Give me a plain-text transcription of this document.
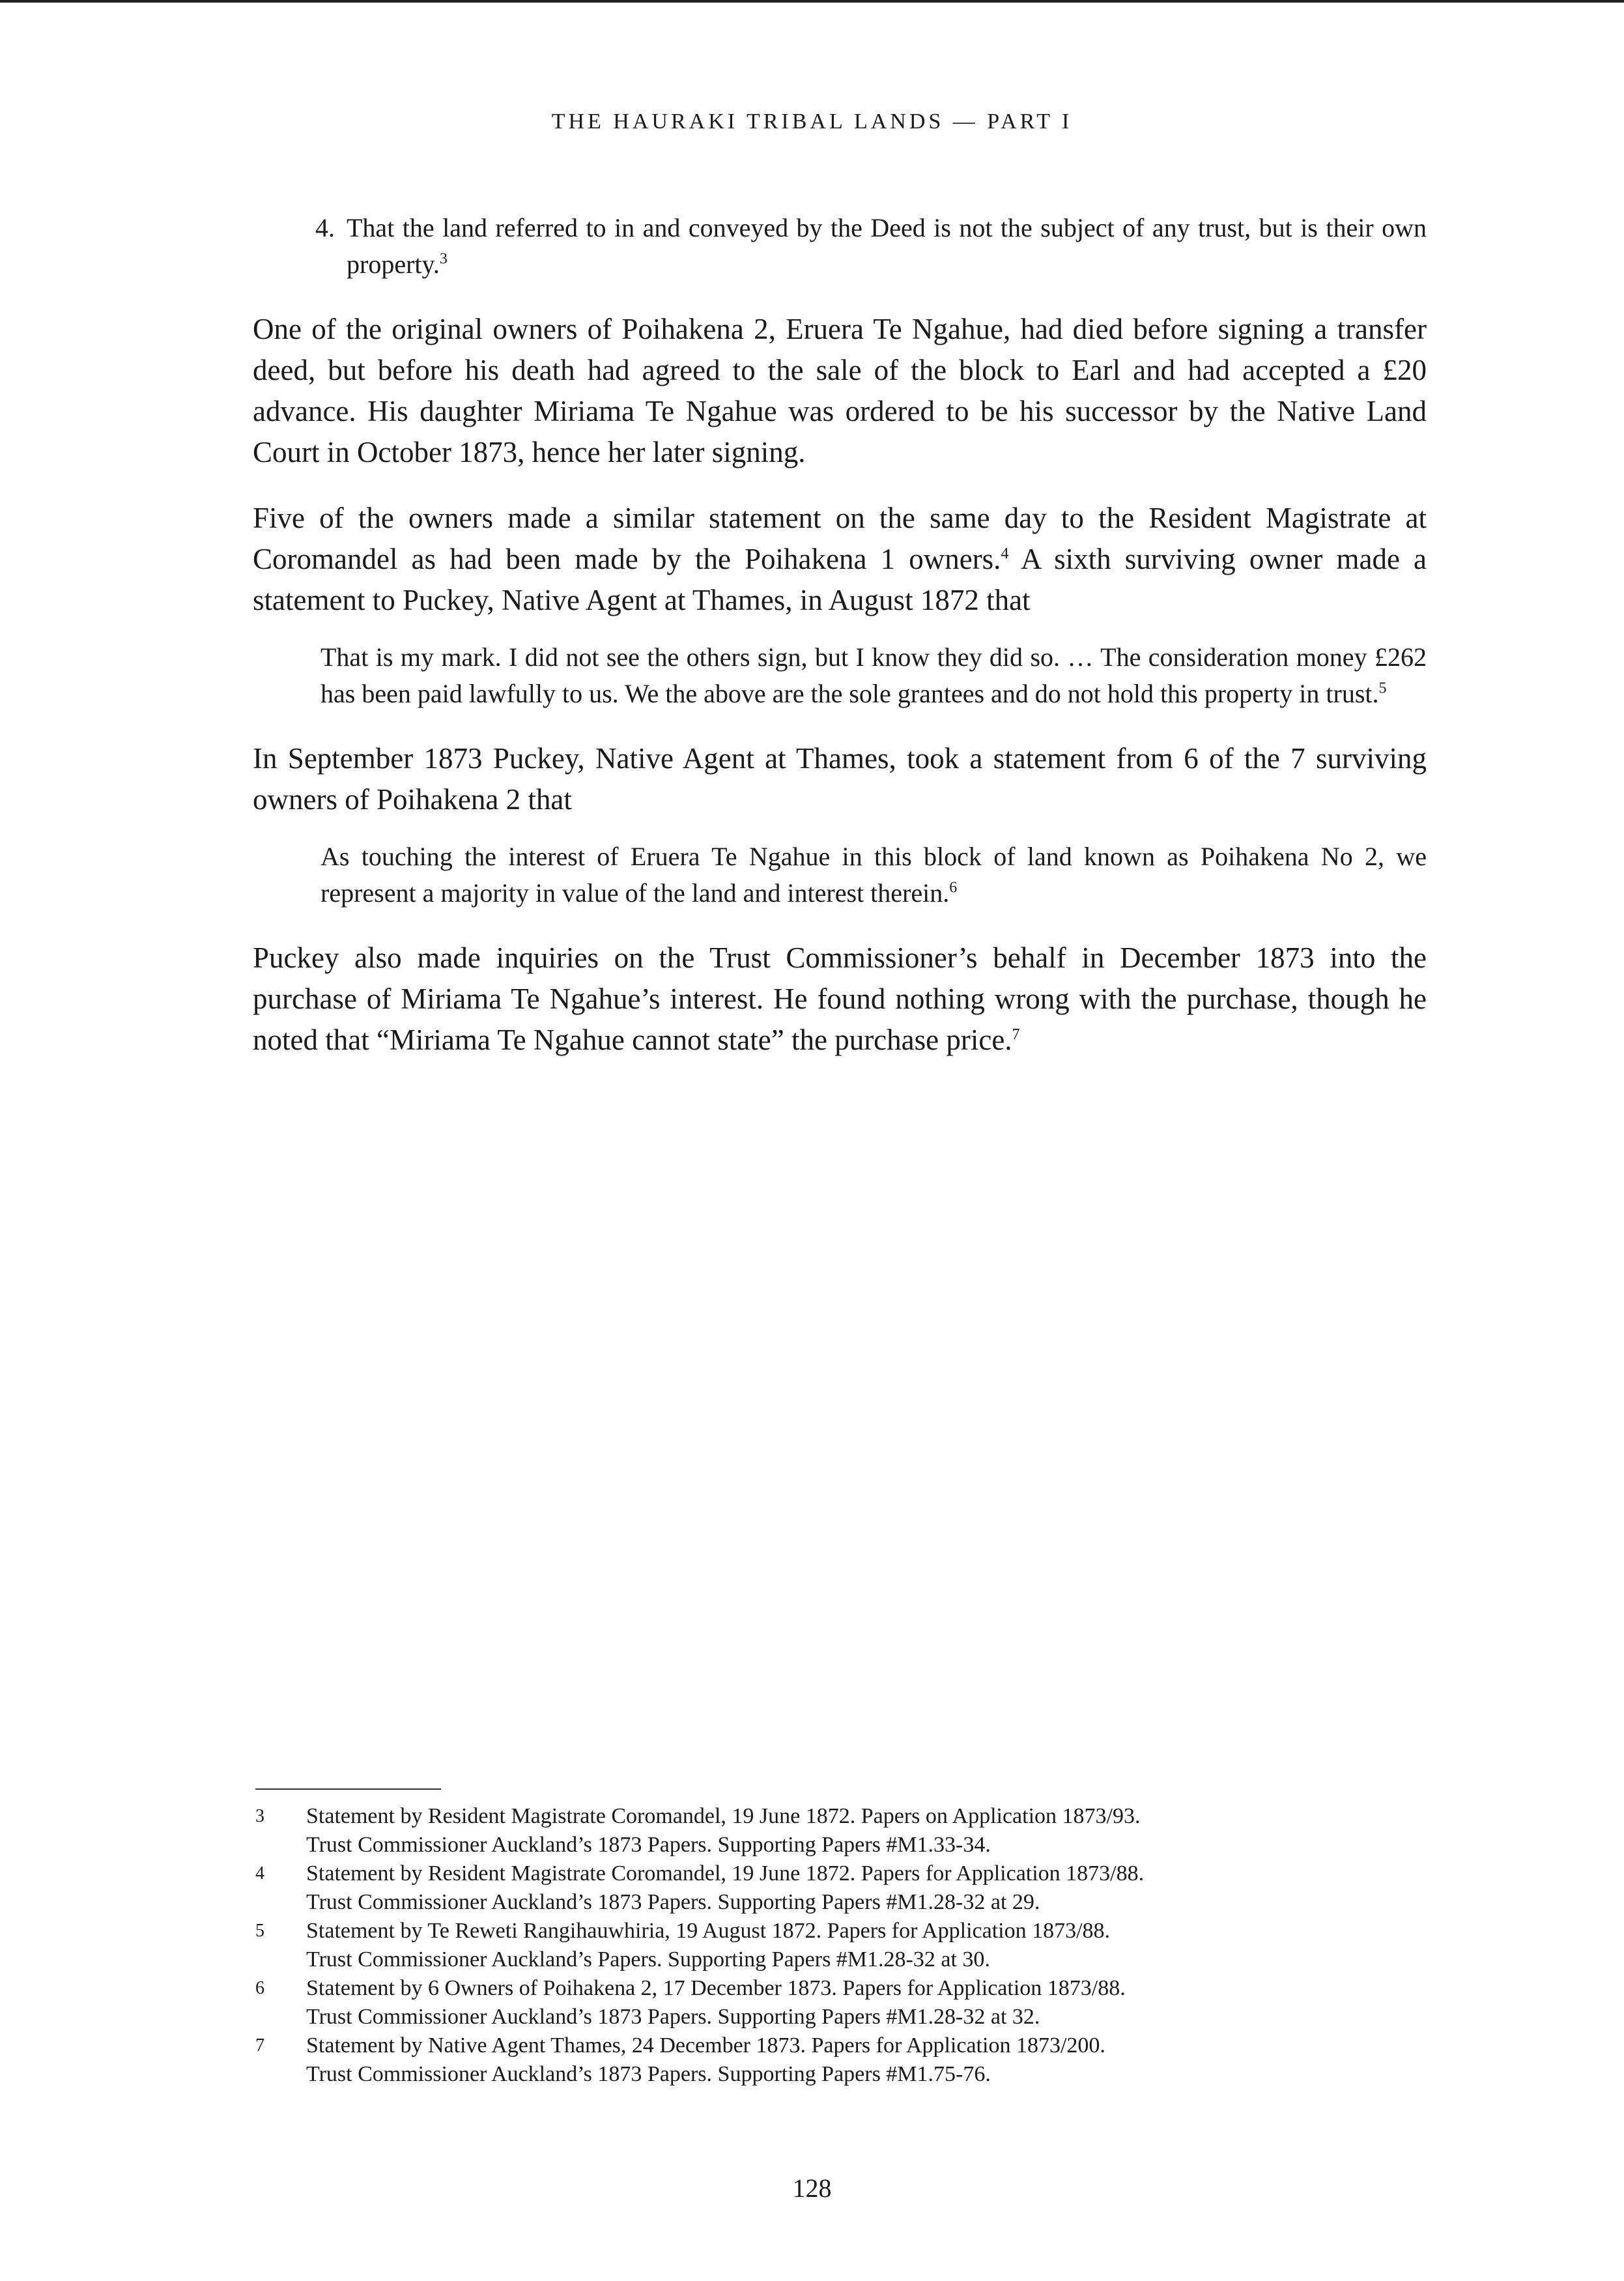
THE HAURAKI TRIBAL LANDS — PART I
4. That the land referred to in and conveyed by the Deed is not the subject of any trust, but is their own property.$^3$

One of the original owners of Poihakena 2, Eruera Te Ngahue, had died before signing a transfer deed, but before his death had agreed to the sale of the block to Earl and had accepted a £20 advance. His daughter Miriama Te Ngahue was ordered to be his successor by the Native Land Court in October 1873, hence her later signing.

Five of the owners made a similar statement on the same day to the Resident Magistrate at Coromandel as had been made by the Poihakena 1 owners.$^4$ A sixth surviving owner made a statement to Puckey, Native Agent at Thames, in August 1872 that

That is my mark. I did not see the others sign, but I know they did so. … The consideration money £262 has been paid lawfully to us. We the above are the sole grantees and do not hold this property in trust.$^5$

In September 1873 Puckey, Native Agent at Thames, took a statement from 6 of the 7 surviving owners of Poihakena 2 that

As touching the interest of Eruera Te Ngahue in this block of land known as Poihakena No 2, we represent a majority in value of the land and interest therein.$^6$

Puckey also made inquiries on the Trust Commissioner’s behalf in December 1873 into the purchase of Miriama Te Ngahue’s interest. He found nothing wrong with the purchase, though he noted that “Miriama Te Ngahue cannot state” the purchase price.$^7$

3	Statement by Resident Magistrate Coromandel, 19 June 1872. Papers on Application 1873/93.
Trust Commissioner Auckland’s 1873 Papers. Supporting Papers #M1.33-34.
4	Statement by Resident Magistrate Coromandel, 19 June 1872. Papers for Application 1873/88.
Trust Commissioner Auckland’s 1873 Papers. Supporting Papers #M1.28-32 at 29.
5	Statement by Te Reweti Rangihauwhiria, 19 August 1872. Papers for Application 1873/88.
Trust Commissioner Auckland’s Papers. Supporting Papers #M1.28-32 at 30.
6	Statement by 6 Owners of Poihakena 2, 17 December 1873. Papers for Application 1873/88.
Trust Commissioner Auckland’s 1873 Papers. Supporting Papers #M1.28-32 at 32.
7	Statement by Native Agent Thames, 24 December 1873. Papers for Application 1873/200.
Trust Commissioner Auckland’s 1873 Papers. Supporting Papers #M1.75-76.
128
